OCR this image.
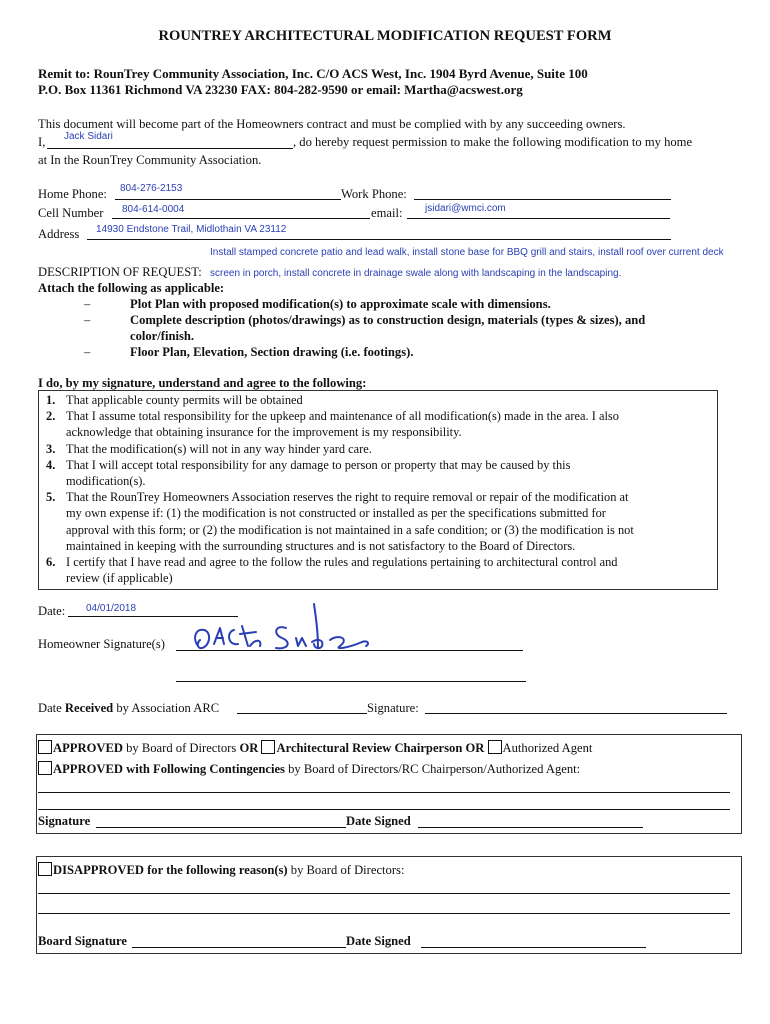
ROUNTREY ARCHITECTURAL MODIFICATION REQUEST FORM
Remit to: RounTrey Community Association, Inc. C/O ACS West, Inc. 1904 Byrd Avenue, Suite 100
P.O. Box 11361 Richmond VA 23230 FAX: 804-282-9590 or email: Martha@acswest.org
This document will become part of the Homeowners contract and must be complied with by any succeeding owners.
I, Jack Sidari	, do hereby request permission to make the following modification to my home
at In the RounTrey Community Association.
Home Phone: 804-276-2153	Work Phone:
Cell Number 804-614-0004	email: jsidari@wmci.com
Address 14930 Endstone Trail, Midlothain VA 23112
Install stamped concrete patio and lead walk, install stone base for BBQ grill and stairs, install roof over current deck
DESCRIPTION OF REQUEST: screen in porch, install concrete in drainage swale along with landscaping in the landscaping.
Attach the following as applicable:
–	Plot Plan with proposed modification(s) to approximate scale with dimensions.
–	Complete description (photos/drawings) as to construction design, materials (types & sizes), and
color/finish.
–	Floor Plan, Elevation, Section drawing (i.e. footings).
I do, by my signature, understand and agree to the following:
1. That applicable county permits will be obtained
2. That I assume total responsibility for the upkeep and maintenance of all modification(s) made in the area. I also
acknowledge that obtaining insurance for the improvement is my responsibility.
3. That the modification(s) will not in any way hinder yard care.
4. That I will accept total responsibility for any damage to person or property that may be caused by this
modification(s).
5. That the RounTrey Homeowners Association reserves the right to require removal or repair of the modification at
my own expense if: (1) the modification is not constructed or installed as per the specifications submitted for
approval with this form; or (2) the modification is not maintained in a safe condition; or (3) the modification is not
maintained in keeping with the surrounding structures and is not satisfactory to the Board of Directors.
6. I certify that I have read and agree to the follow the rules and regulations pertaining to architectural control and
review (if applicable)
Date: 04/01/2018
Homeowner Signature(s)
Date Received by Association ARC	Signature:
APPROVED by Board of Directors OR Architectural Review Chairperson OR Authorized Agent
APPROVED with Following Contingencies by Board of Directors/RC Chairperson/Authorized Agent:
Signature	Date Signed
DISAPPROVED for the following reason(s) by Board of Directors:
Board Signature	Date Signed
